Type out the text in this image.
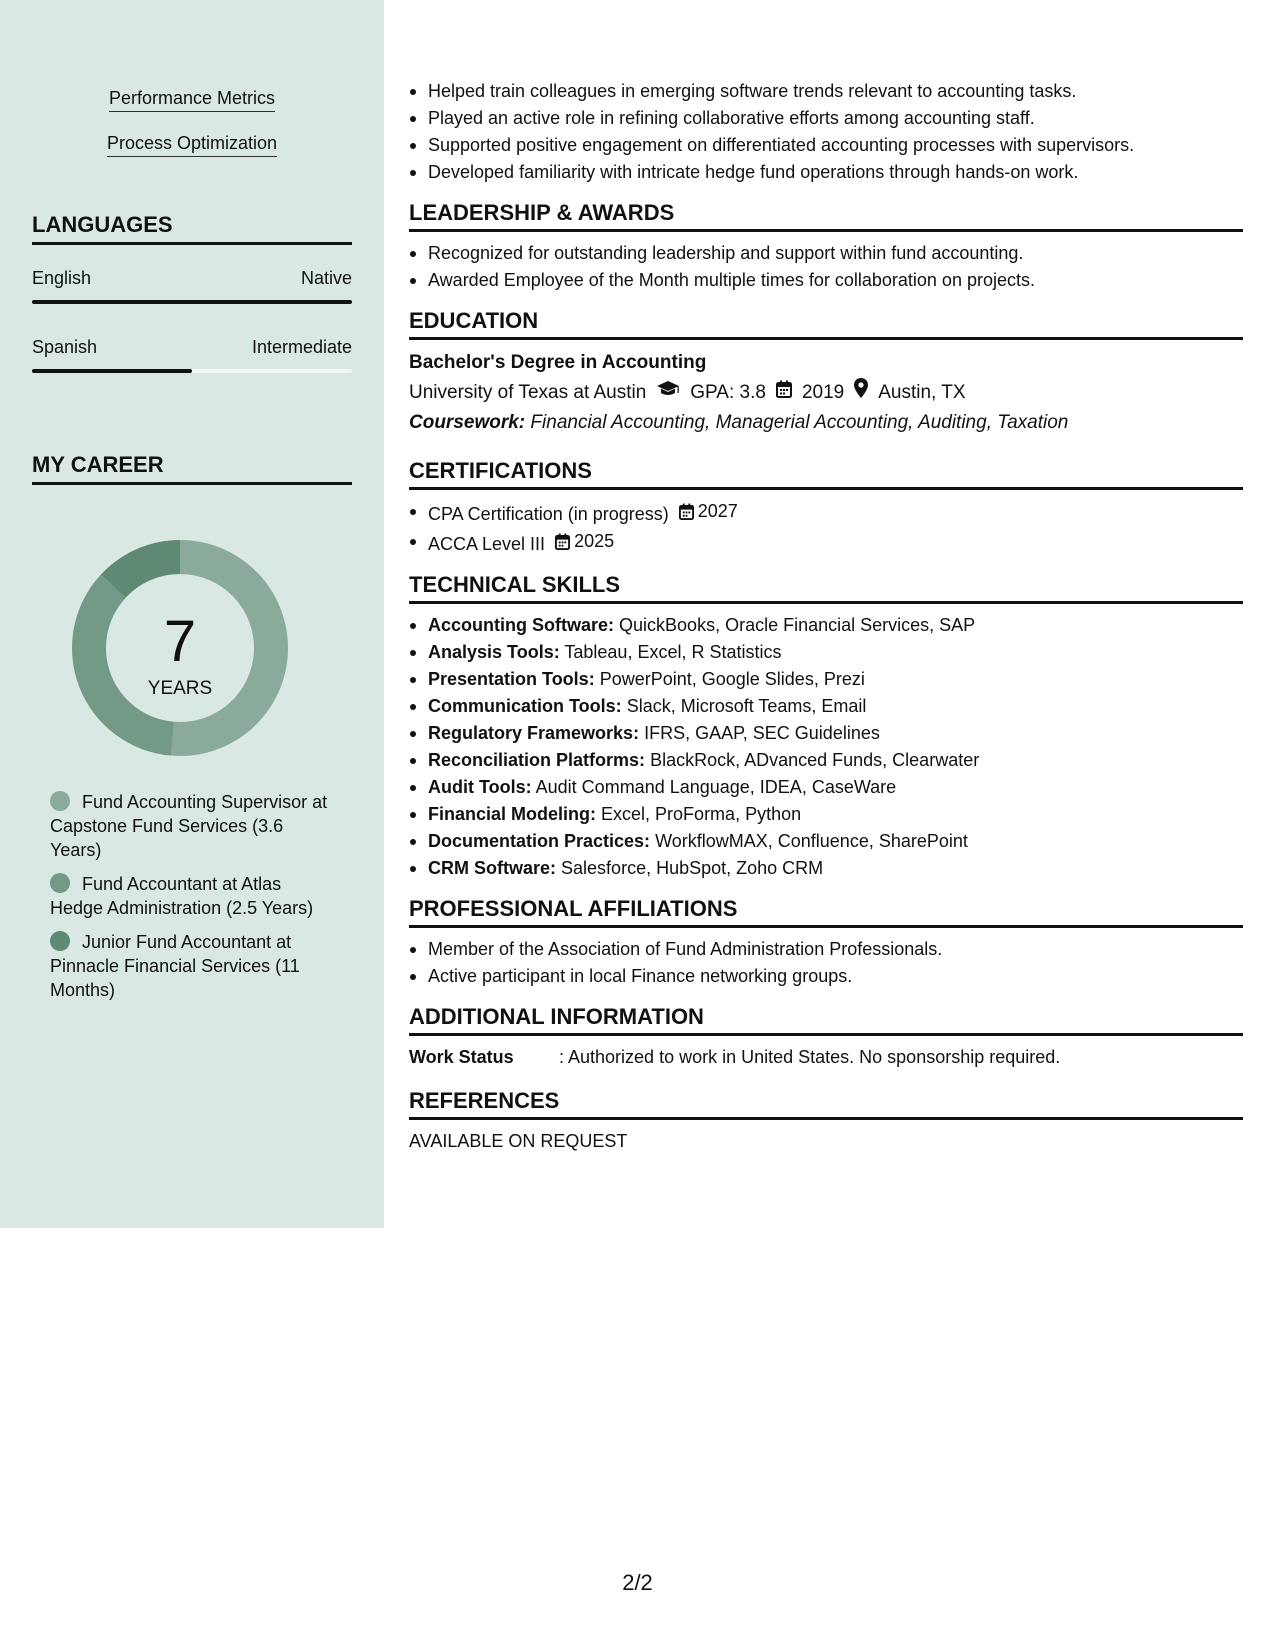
Performance Metrics
Process Optimization
LANGUAGES
English	Native
Spanish	Intermediate
MY CAREER
7
YEARS
Fund Accounting Supervisor at Capstone Fund Services (3.6 Years)
Fund Accountant at Atlas Hedge Administration (2.5 Years)
Junior Fund Accountant at Pinnacle Financial Services (11 Months)
Helped train colleagues in emerging software trends relevant to accounting tasks.
Played an active role in refining collaborative efforts among accounting staff.
Supported positive engagement on differentiated accounting processes with supervisors.
Developed familiarity with intricate hedge fund operations through hands-on work.
LEADERSHIP & AWARDS
Recognized for outstanding leadership and support within fund accounting.
Awarded Employee of the Month multiple times for collaboration on projects.
EDUCATION
Bachelor's Degree in Accounting
University of Texas at Austin GPA: 3.8 2019 Austin, TX
Coursework: Financial Accounting, Managerial Accounting, Auditing, Taxation
CERTIFICATIONS
CPA Certification (in progress) 2027
ACCA Level III 2025
TECHNICAL SKILLS
Accounting Software: QuickBooks, Oracle Financial Services, SAP
Analysis Tools: Tableau, Excel, R Statistics
Presentation Tools: PowerPoint, Google Slides, Prezi
Communication Tools: Slack, Microsoft Teams, Email
Regulatory Frameworks: IFRS, GAAP, SEC Guidelines
Reconciliation Platforms: BlackRock, ADvanced Funds, Clearwater
Audit Tools: Audit Command Language, IDEA, CaseWare
Financial Modeling: Excel, ProForma, Python
Documentation Practices: WorkflowMAX, Confluence, SharePoint
CRM Software: Salesforce, HubSpot, Zoho CRM
PROFESSIONAL AFFILIATIONS
Member of the Association of Fund Administration Professionals.
Active participant in local Finance networking groups.
ADDITIONAL INFORMATION
Work Status	: Authorized to work in United States. No sponsorship required.
REFERENCES
AVAILABLE ON REQUEST
2/2
